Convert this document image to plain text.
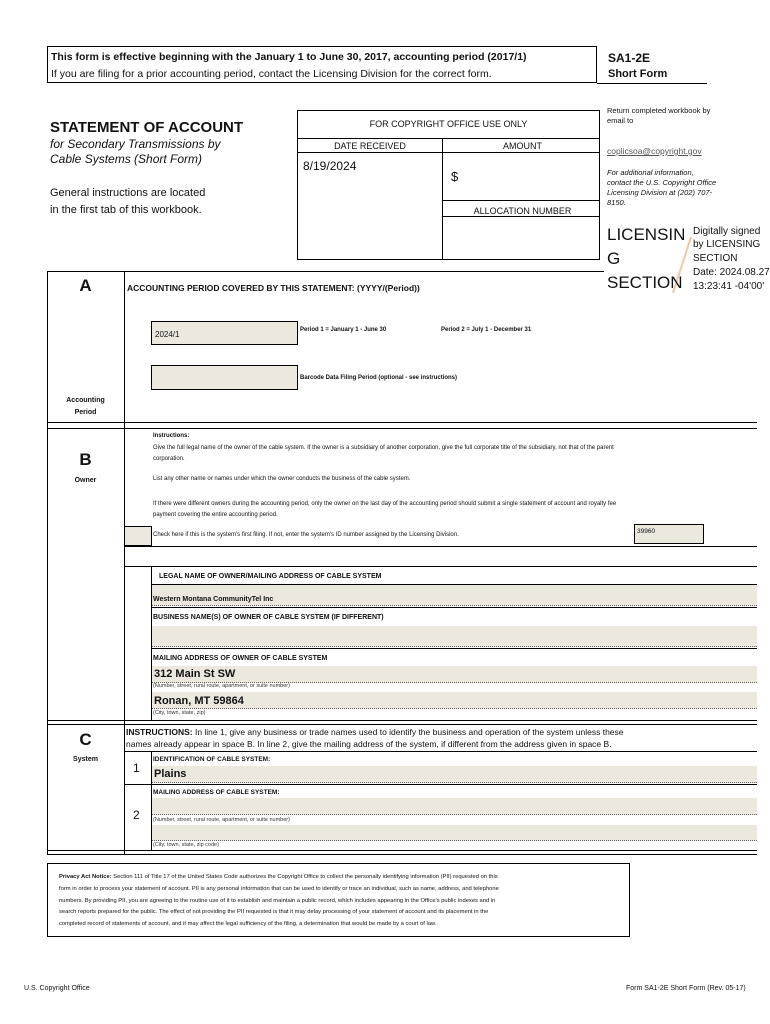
This form is effective beginning with the January 1 to June 30, 2017, accounting period (2017/1)
If you are filing for a prior accounting period, contact the Licensing Division for the correct form.
SA1-2E
Short Form
STATEMENT OF ACCOUNT
for Secondary Transmissions by
Cable Systems (Short Form)
General instructions are located
in the first tab of this workbook.
FOR COPYRIGHT OFFICE USE ONLY
DATE RECEIVED	AMOUNT
8/19/2024
$
ALLOCATION NUMBER
Return completed workbook by email to
coplicsoa@copyright.gov
For additional information, contact the U.S. Copyright Office Licensing Division at (202) 707-8150.
LICENSIN
G
SECTION
Digitally signed
by LICENSING
SECTION
Date: 2024.08.27
13:23:41 -04'00'
A	ACCOUNTING PERIOD COVERED BY THIS STATEMENT: (YYYY/(Period))
2024/1	Period 1 = January 1 - June 30	Period 2 = July 1 - December 31
Barcode Data Filing Period (optional - see instructions)
Accounting
Period
B
Owner
Instructions:
Give the full legal name of the owner of the cable system. If the owner is a subsidiary of another corporation, give the full corporate title of the subsidiary, not that of the parent corporation.
List any other name or names under which the owner conducts the business of the cable system.
If there were different owners during the accounting period, only the owner on the last day of the accounting period should submit a single statement of account and royalty fee payment covering the entire accounting period.
Check here if this is the system's first filing. If not, enter the system's ID number assigned by the Licensing Division.	39960
LEGAL NAME OF OWNER/MAILING ADDRESS OF CABLE SYSTEM
Western Montana CommunityTel Inc
BUSINESS NAME(S) OF OWNER OF CABLE SYSTEM (IF DIFFERENT)
MAILING ADDRESS OF OWNER OF CABLE SYSTEM
312 Main St SW
(Number, street, rural route, apartment, or suite number)
Ronan, MT 59864
(City, town, state, zip)
C
System
INSTRUCTIONS: In line 1, give any business or trade names used to identify the business and operation of the system unless these
names already appear in space B. In line 2, give the mailing address of the system, if different from the address given in space B.
1
IDENTIFICATION OF CABLE SYSTEM:
Plains
MAILING ADDRESS OF CABLE SYSTEM:
2 (Number, street, rural route, apartment, or suite number)
(City, town, state, zip code)
Privacy Act Notice: Section 111 of Title 17 of the United States Code authorizes the Copyright Office to collect the personally identifying information (PII) requested on this
form in order to process your statement of account. PII is any personal information that can be used to identify or trace an individual, such as name, address, and telephone
numbers. By providing PII, you are agreeing to the routine use of it to establish and maintain a public record, which includes appearing in the Office's public indexes and in
search reports prepared for the public. The effect of not providing the PII requested is that it may delay processing of your statement of account and its placement in the
completed record of statements of account, and it may affect the legal sufficiency of the filing, a determination that would be made by a court of law.
U.S. Copyright Office	Form SA1-2E Short Form (Rev. 05-17)
